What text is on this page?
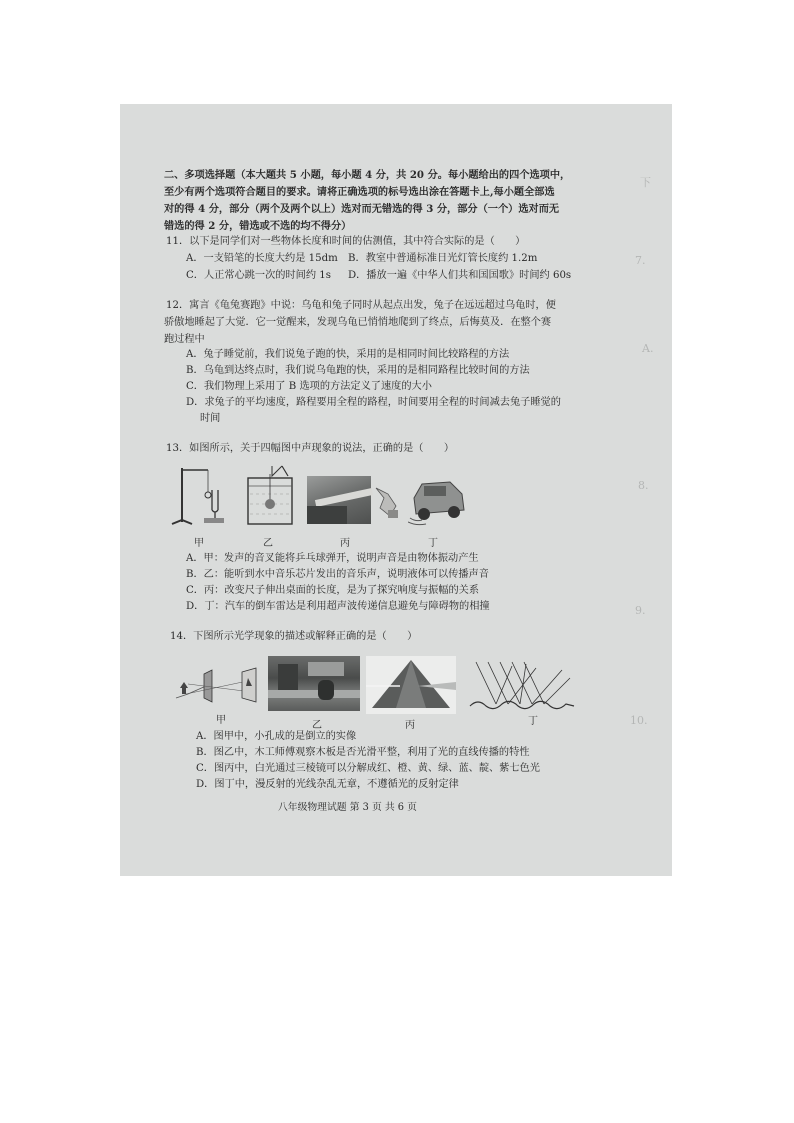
下
7.
A.
8.
9.
10.
二、多项选择题（本大题共 5 小题，每小题 4 分，共 20 分。每小题给出的四个选项中，
至少有两个选项符合题目的要求。请将正确选项的标号选出涂在答题卡上,每小题全部选
对的得 4 分，部分（两个及两个以上）选对而无错选的得 3 分，部分（一个）选对而无
错选的得 2 分，错选或不选的均不得分）
11．以下是同学们对一些物体长度和时间的估测值，其中符合实际的是（　　）
A．一支铅笔的长度大约是 15dm B．教室中普通标准日光灯管长度约 1.2m
C．人正常心跳一次的时间约 1s D．播放一遍《中华人们共和国国歌》时间约 60s
12．寓言《龟兔赛跑》中说：乌龟和兔子同时从起点出发，兔子在远远超过乌龟时，便
骄傲地睡起了大觉．它一觉醒来，发现乌龟已悄悄地爬到了终点，后悔莫及．在整个赛
跑过程中
A．兔子睡觉前，我们说兔子跑的快，采用的是相同时间比较路程的方法
B．乌龟到达终点时，我们说乌龟跑的快，采用的是相同路程比较时间的方法
C．我们物理上采用了 B 选项的方法定义了速度的大小
D．求兔子的平均速度，路程要用全程的路程，时间要用全程的时间减去兔子睡觉的
时间
13．如图所示，关于四幅图中声现象的说法，正确的是（　　）
甲	乙	丙	丁
A．甲：发声的音叉能将乒乓球弹开，说明声音是由物体振动产生
B．乙：能听到水中音乐芯片发出的音乐声，说明液体可以传播声音
C．丙：改变尺子伸出桌面的长度，是为了探究响度与振幅的关系
D．丁：汽车的倒车雷达是利用超声波传递信息避免与障碍物的相撞
14．下图所示光学现象的描述或解释正确的是（　　）
甲	乙	丙	丁
A．图甲中，小孔成的是倒立的实像
B．图乙中，木工师傅观察木板是否光滑平整，利用了光的直线传播的特性
C．图丙中，白光通过三棱镜可以分解成红、橙、黄、绿、蓝、靛、紫七色光
D．图丁中，漫反射的光线杂乱无章，不遵循光的反射定律
八年级物理试题 第 3 页 共 6 页
